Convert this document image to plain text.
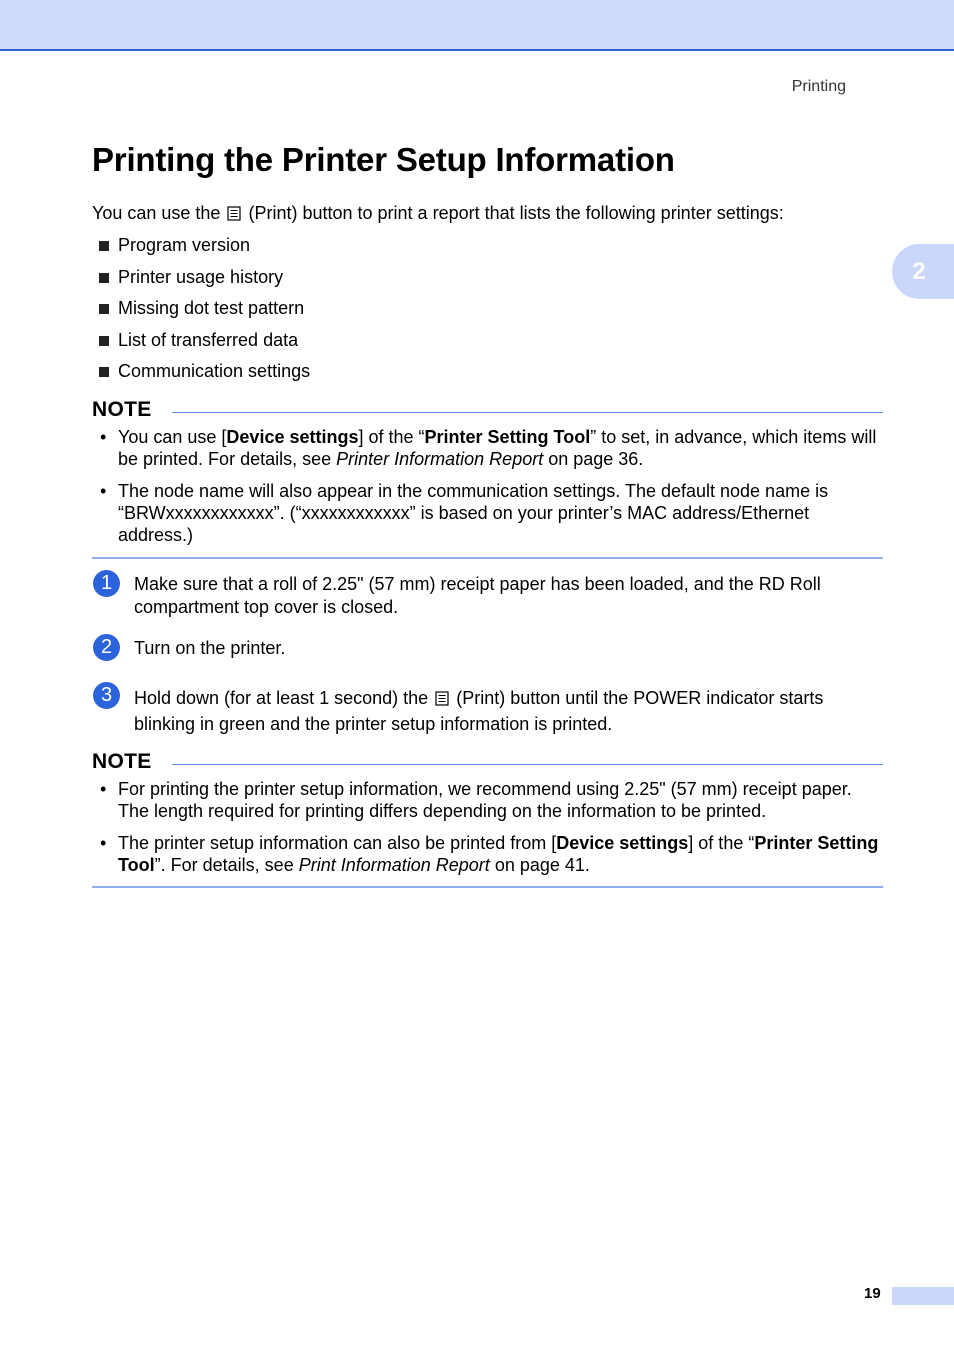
Printing
2
Printing the Printer Setup Information
You can use the (Print) button to print a report that lists the following printer settings:
Program version
Printer usage history
Missing dot test pattern
List of transferred data
Communication settings
NOTE
• You can use [Device settings] of the “Printer Setting Tool” to set, in advance, which items will be printed. For details, see Printer Information Report on page 36.
• The node name will also appear in the communication settings. The default node name is “BRWxxxxxxxxxxxx”. (“xxxxxxxxxxxx” is based on your printer’s MAC address/Ethernet address.)
1	Make sure that a roll of 2.25" (57 mm) receipt paper has been loaded, and the RD Roll compartment top cover is closed.
2	Turn on the printer.
3	Hold down (for at least 1 second) the (Print) button until the POWER indicator starts blinking in green and the printer setup information is printed.
NOTE
• For printing the printer setup information, we recommend using 2.25" (57 mm) receipt paper. The length required for printing differs depending on the information to be printed.
• The printer setup information can also be printed from [Device settings] of the “Printer Setting Tool”. For details, see Print Information Report on page 41.
19
